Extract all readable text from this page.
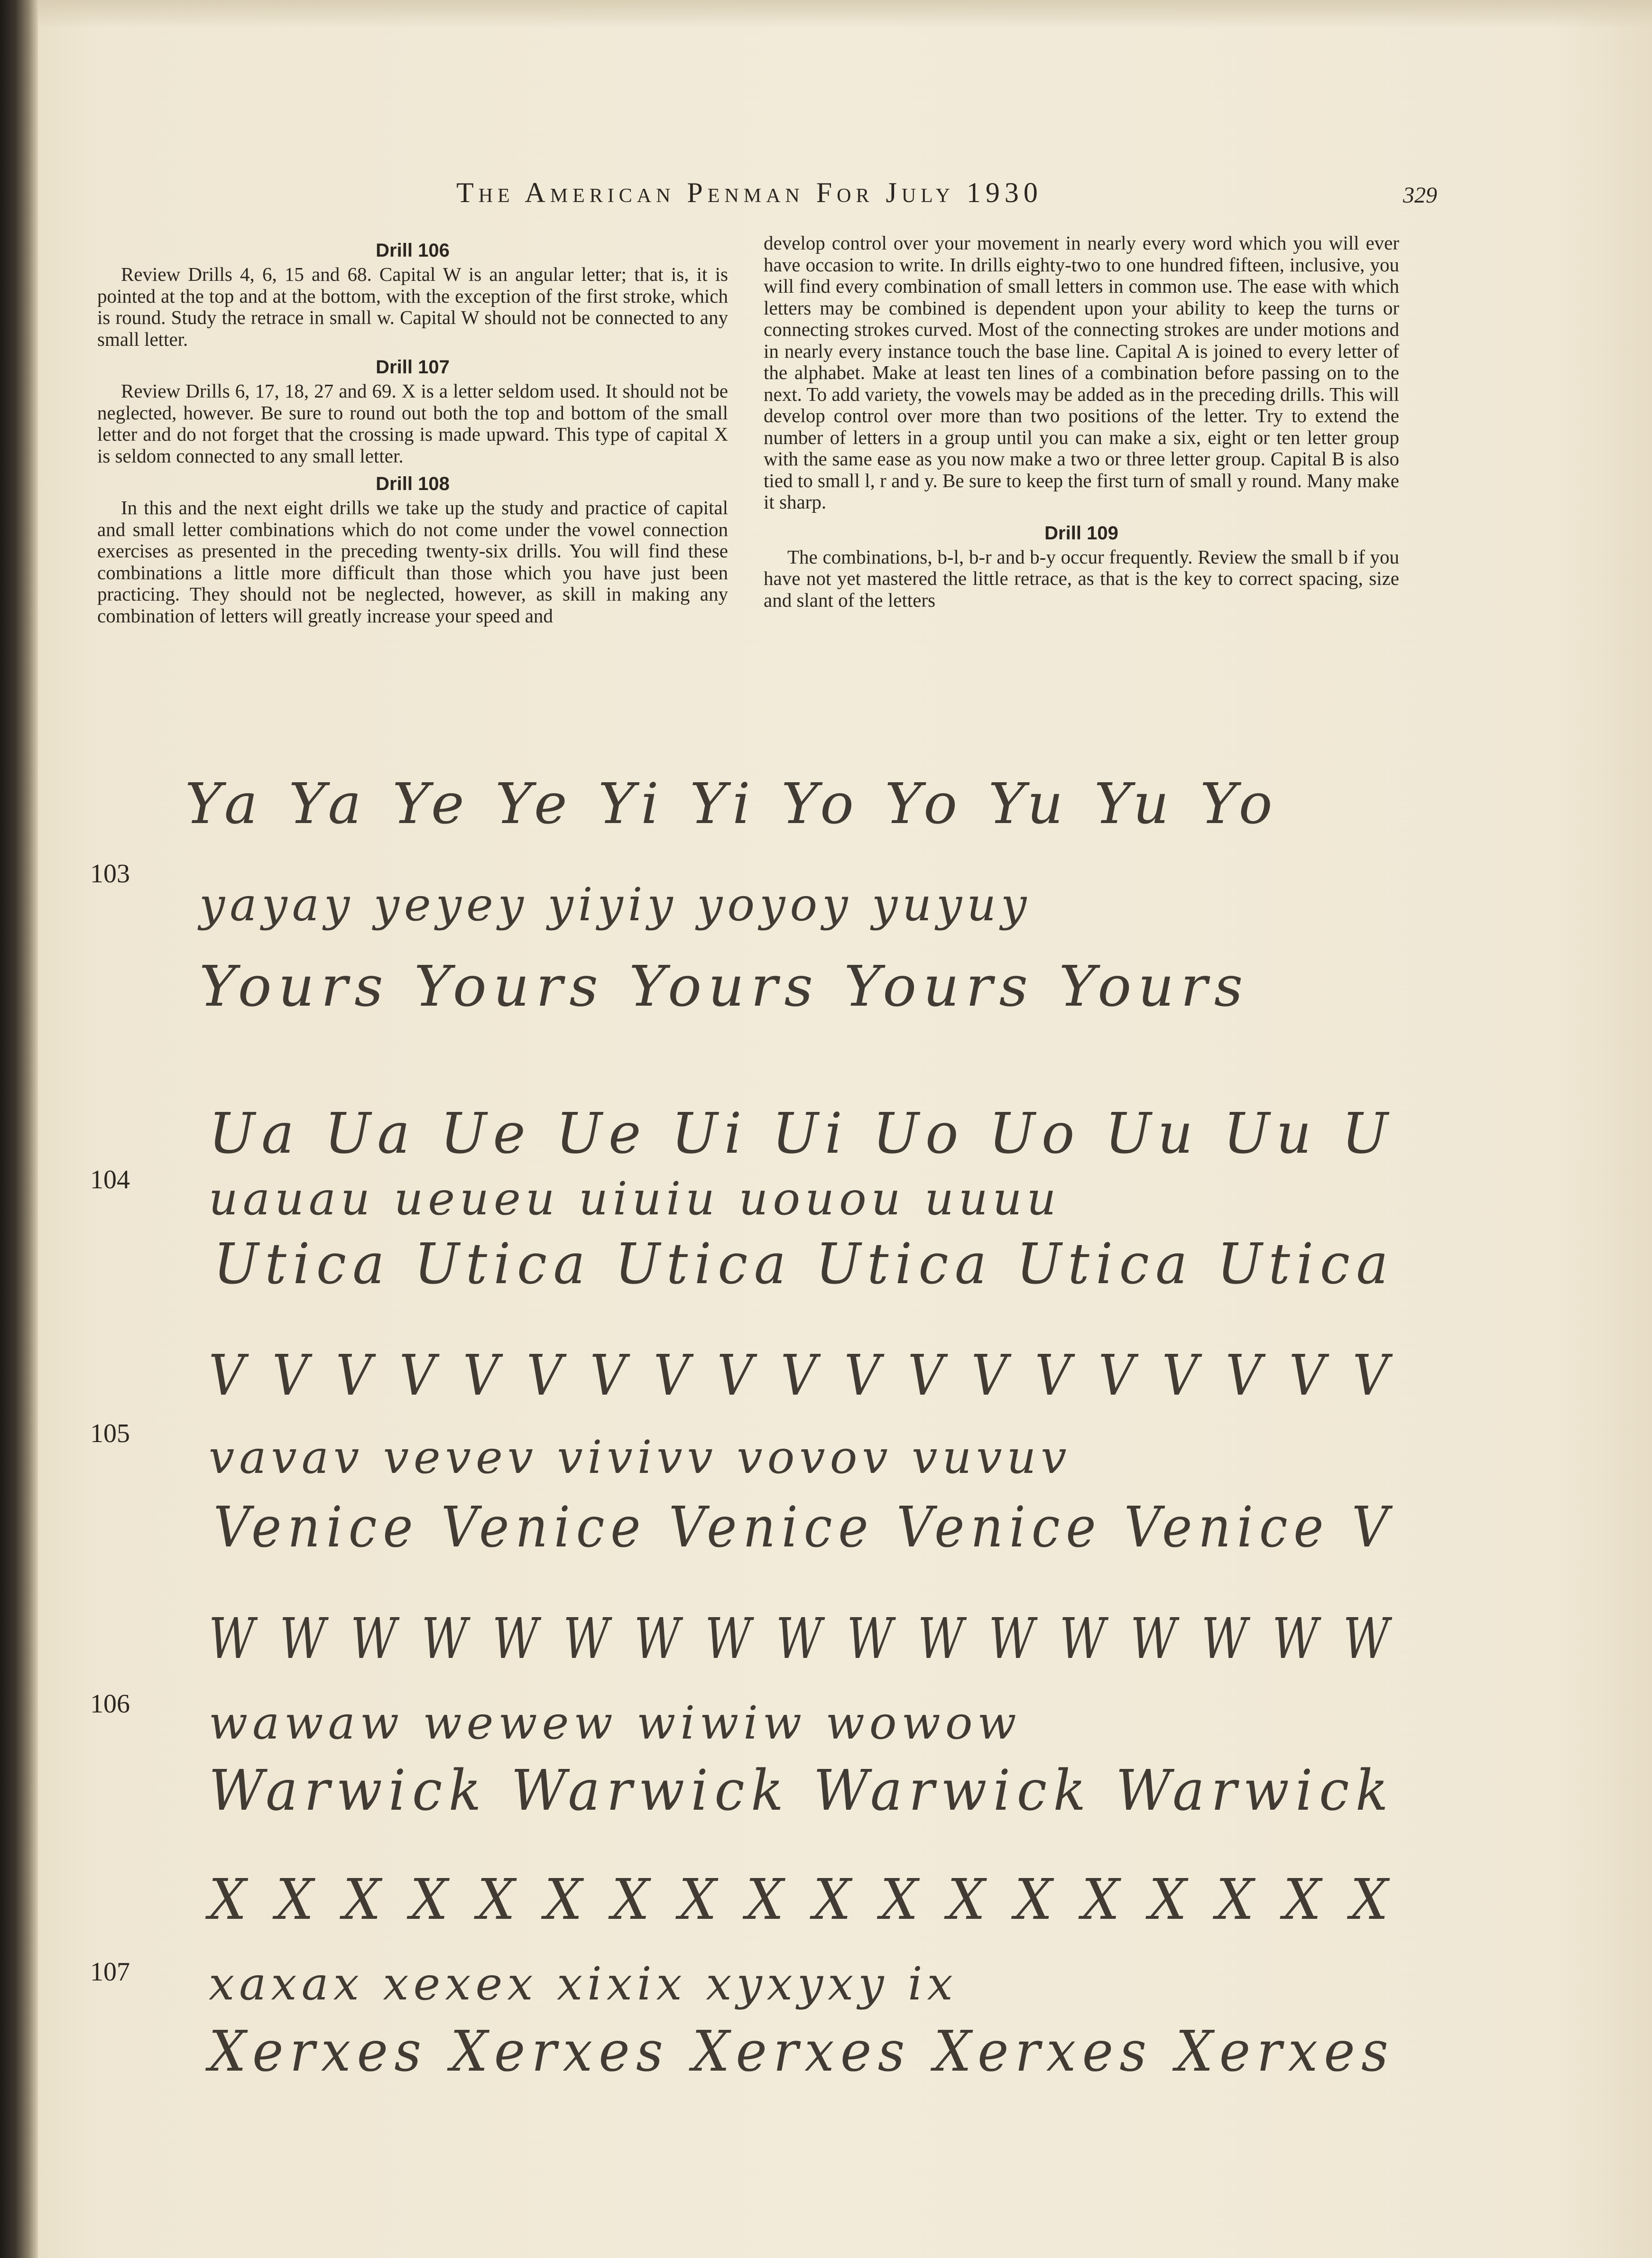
The American Penman For July 1930	329
Drill 106

Review Drills 4, 6, 15 and 68. Capital W is an angular letter; that is, it is pointed at the top and at the bottom, with the exception of the first stroke, which is round. Study the retrace in small w. Capital W should not be connected to any small letter.

Drill 107

Review Drills 6, 17, 18, 27 and 69. X is a letter seldom used. It should not be neglected, however. Be sure to round out both the top and bottom of the small letter and do not forget that the crossing is made upward. This type of capital X is seldom connected to any small letter.

Drill 108

In this and the next eight drills we take up the study and practice of capital and small letter combinations which do not come under the vowel connection exercises as presented in the preceding twenty-six drills. You will find these combinations a little more difficult than those which you have just been practicing. They should not be neglected, however, as skill in making any combination of letters will greatly increase your speed and

develop control over your movement in nearly every word which you will ever have occasion to write. In drills eighty-two to one hundred fifteen, inclusive, you will find every combination of small letters in common use. The ease with which letters may be combined is dependent upon your ability to keep the turns or connecting strokes curved. Most of the connecting strokes are under motions and in nearly every instance touch the base line. Capital A is joined to every letter of the alphabet. Make at least ten lines of a combination before passing on to the next. To add variety, the vowels may be added as in the preceding drills. This will develop control over more than two positions of the letter. Try to extend the number of letters in a group until you can make a six, eight or ten letter group with the same ease as you now make a two or three letter group. Capital B is also tied to small l, r and y. Be sure to keep the first turn of small y round. Many make it sharp.

Drill 109

The combinations, b-l, b-r and b-y occur frequently. Review the small b if you have not yet mastered the little retrace, as that is the key to correct spacing, size and slant of the letters

103
Ya Ya Ye Ye Yi Yi Yo Yo Yu Yu Yo
yayay yeyey yiyiy yoyoy yuyuy
Yours Yours Yours Yours Yours
104
Ua Ua Ue Ue Ui Ui Uo Uo Uu Uu U
uauau ueueu uiuiu uouou uuuu
Utica Utica Utica Utica Utica Utica
105
V V V V V V V V V V V V V V V V V V V
vavav vevev vivivv vovov vuvuv
Venice Venice Venice Venice Venice V
106
W W W W W W W W W W W W W W W W W
wawaw wewew wiwiw wowow
Warwick Warwick Warwick Warwick
107
X X X X X X X X X X X X X X X X X X
xaxax xexex xixix xyxyxy ix
Xerxes Xerxes Xerxes Xerxes Xerxes
